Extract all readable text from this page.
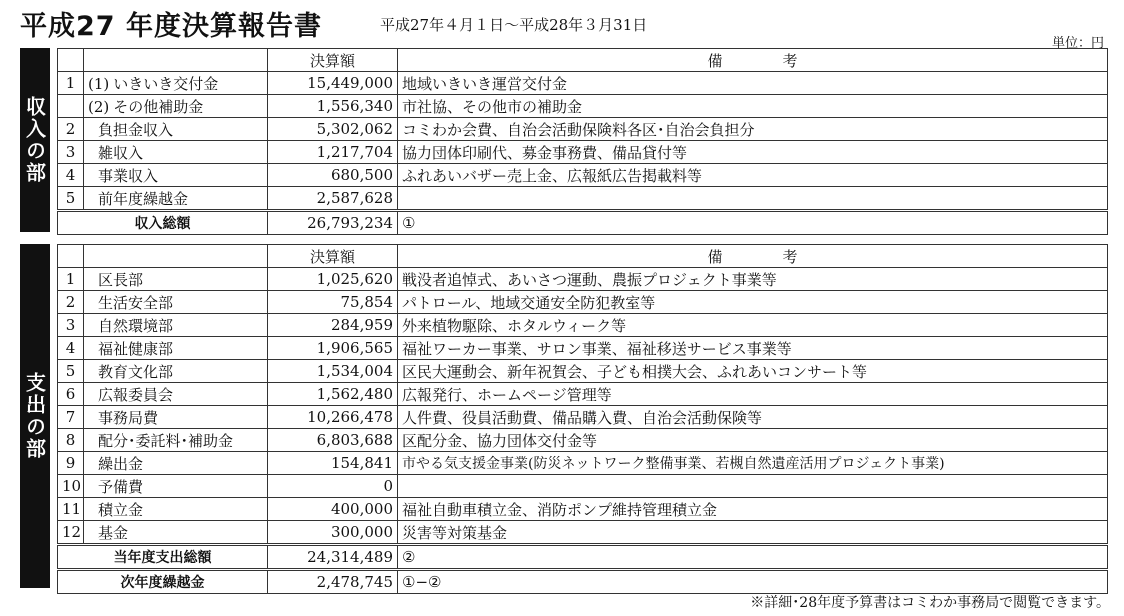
平成27 年度決算報告書	平成27年４月１日〜平成28年３月31日
単位：円
収入の部
		決算額	備　　　　考
1	(1) いきいき交付金	15,449,000	地域いきいき運営交付金
	(2) その他補助金	1,556,340	市社協、その他市の補助金
2	負担金収入	5,302,062	コミわか会費、自治会活動保険料各区･自治会負担分
3	雑収入	1,217,704	協力団体印刷代、募金事務費、備品貸付等
4	事業収入	680,500	ふれあいバザー売上金、広報紙広告掲載料等
5	前年度繰越金	2,587,628	
収入総額		26,793,234	①
支出の部
		決算額	備　　　　考
1	区長部	1,025,620	戦没者追悼式、あいさつ運動、農振プロジェクト事業等
2	生活安全部	75,854	パトロール、地域交通安全防犯教室等
3	自然環境部	284,959	外来植物駆除、ホタルウィーク等
4	福祉健康部	1,906,565	福祉ワーカー事業、サロン事業、福祉移送サービス事業等
5	教育文化部	1,534,004	区民大運動会、新年祝賀会、子ども相撲大会、ふれあいコンサート等
6	広報委員会	1,562,480	広報発行、ホームページ管理等
7	事務局費	10,266,478	人件費、役員活動費、備品購入費、自治会活動保険等
8	配分･委託料･補助金	6,803,688	区配分金、協力団体交付金等
9	繰出金	154,841	市やる気支援金事業(防災ネットワーク整備事業、若槻自然遺産活用プロジェクト事業)
10	予備費	0	
11	積立金	400,000	福祉自動車積立金、消防ポンプ維持管理積立金
12	基金	300,000	災害等対策基金
当年度支出総額		24,314,489	②
次年度繰越金		2,478,745	①−②
※詳細･28年度予算書はコミわか事務局で閲覧できます。
